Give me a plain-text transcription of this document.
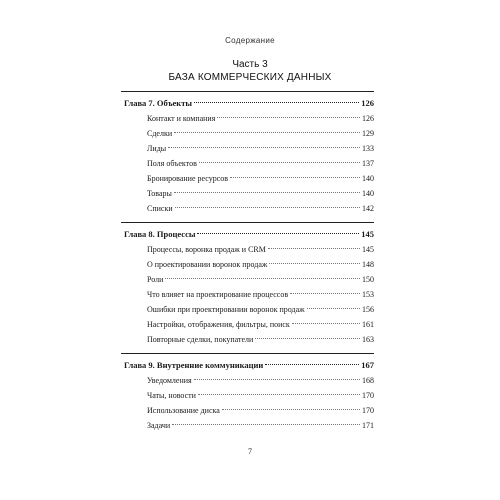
Содержание
Часть 3
БАЗА КОММЕРЧЕСКИХ ДАННЫХ
Глава 7. Объекты	126
Контакт и компания	126
Сделки	129
Лиды	133
Поля объектов	137
Бронирование ресурсов	140
Товары	140
Списки	142
Глава 8. Процессы	145
Процессы, воронка продаж и CRM	145
О проектировании воронок продаж	148
Роли	150
Что влияет на проектирование процессов	153
Ошибки при проектировании воронок продаж	156
Настройки, отображения, фильтры, поиск	161
Повторные сделки, покупатели	163
Глава 9. Внутренние коммуникации	167
Уведомления	168
Чаты, новости	170
Использование диска	170
Задачи	171
7
